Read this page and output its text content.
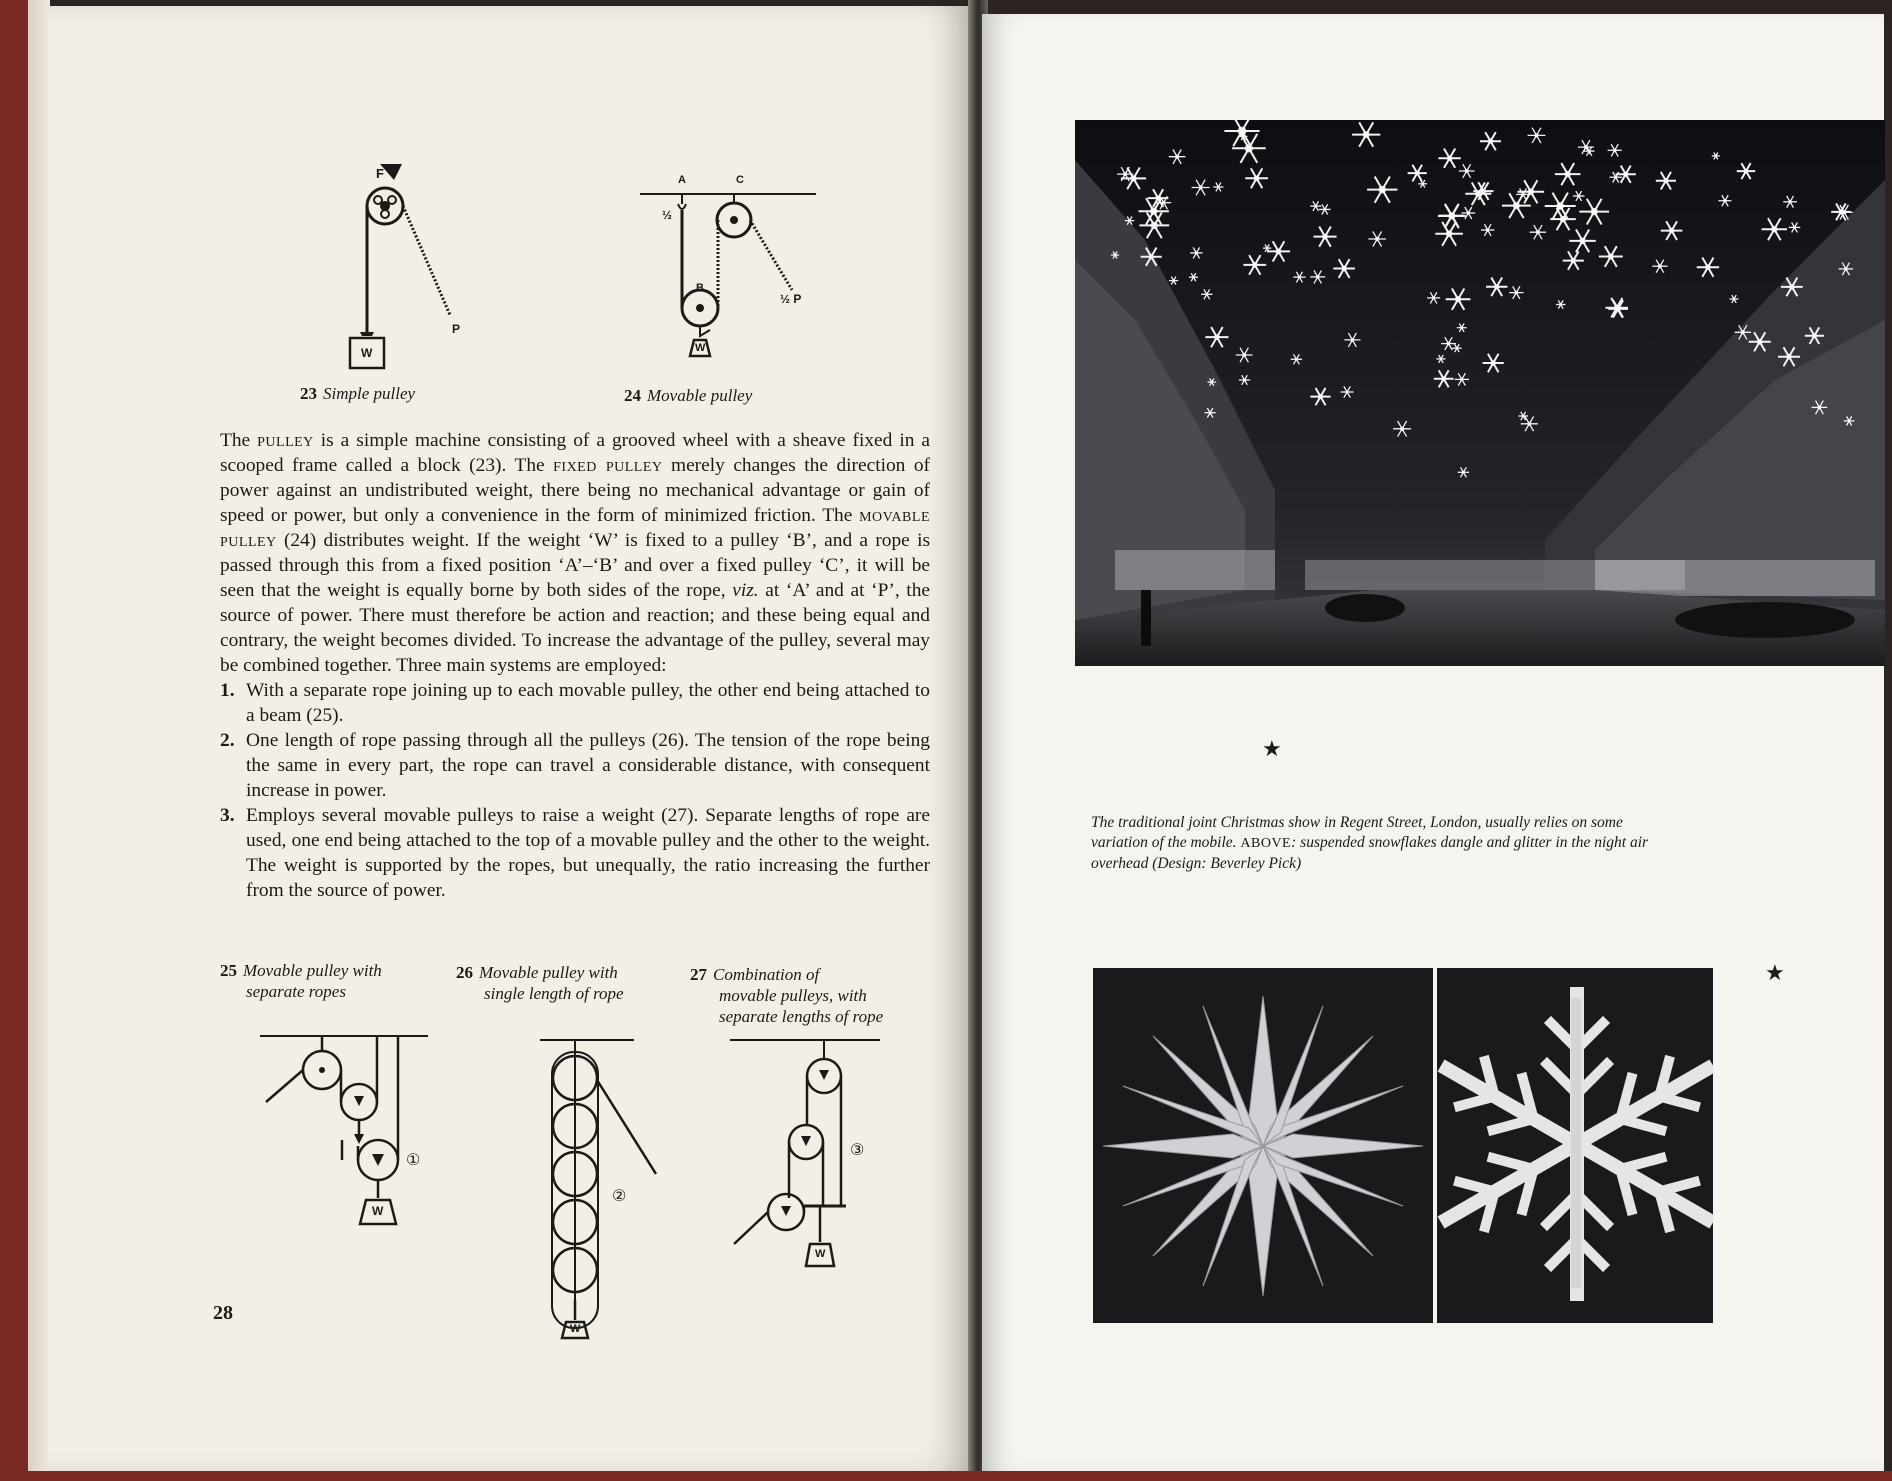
F
W
P
23 Simple pulley
A	C
B
½
½ P
W
24 Movable pulley

The pulley is a simple machine consisting of a grooved wheel with a sheave fixed in a scooped frame called a block (23). The fixed pulley merely changes the direction of power against an undistributed weight, there being no mechanical advantage or gain of speed or power, but only a convenience in the form of minimized friction. The movable pulley (24) distributes weight. If the weight ‘W’ is fixed to a pulley ‘B’, and a rope is passed through this from a fixed position ‘A’–‘B’ and over a fixed pulley ‘C’, it will be seen that the weight is equally borne by both sides of the rope, viz. at ‘A’ and at ‘P’, the source of power. There must therefore be action and reaction; and these being equal and contrary, the weight becomes divided. To increase the advantage of the pulley, several may be combined together. Three main systems are employed:

1. With a separate rope joining up to each movable pulley, the other end being attached to a beam (25).
2. One length of rope passing through all the pulleys (26). The tension of the rope being the same in every part, the rope can travel a considerable distance, with consequent increase in power.
3. Employs several movable pulleys to raise a weight (27). Separate lengths of rope are used, one end being attached to the top of a movable pulley and the other to the weight. The weight is supported by the ropes, but unequally, the ratio increasing the further from the source of power.
25 Movable pulley with
separate ropes
26 Movable pulley with
single length of rope
27 Combination of
movable pulleys, with
separate lengths of rope
W
①
W
②
W
③
28
★
The traditional joint Christmas show in Regent Street, London, usually relies on some variation of the mobile. ABOVE: suspended snowflakes dangle and glitter in the night air overhead (Design: Beverley Pick)
★
